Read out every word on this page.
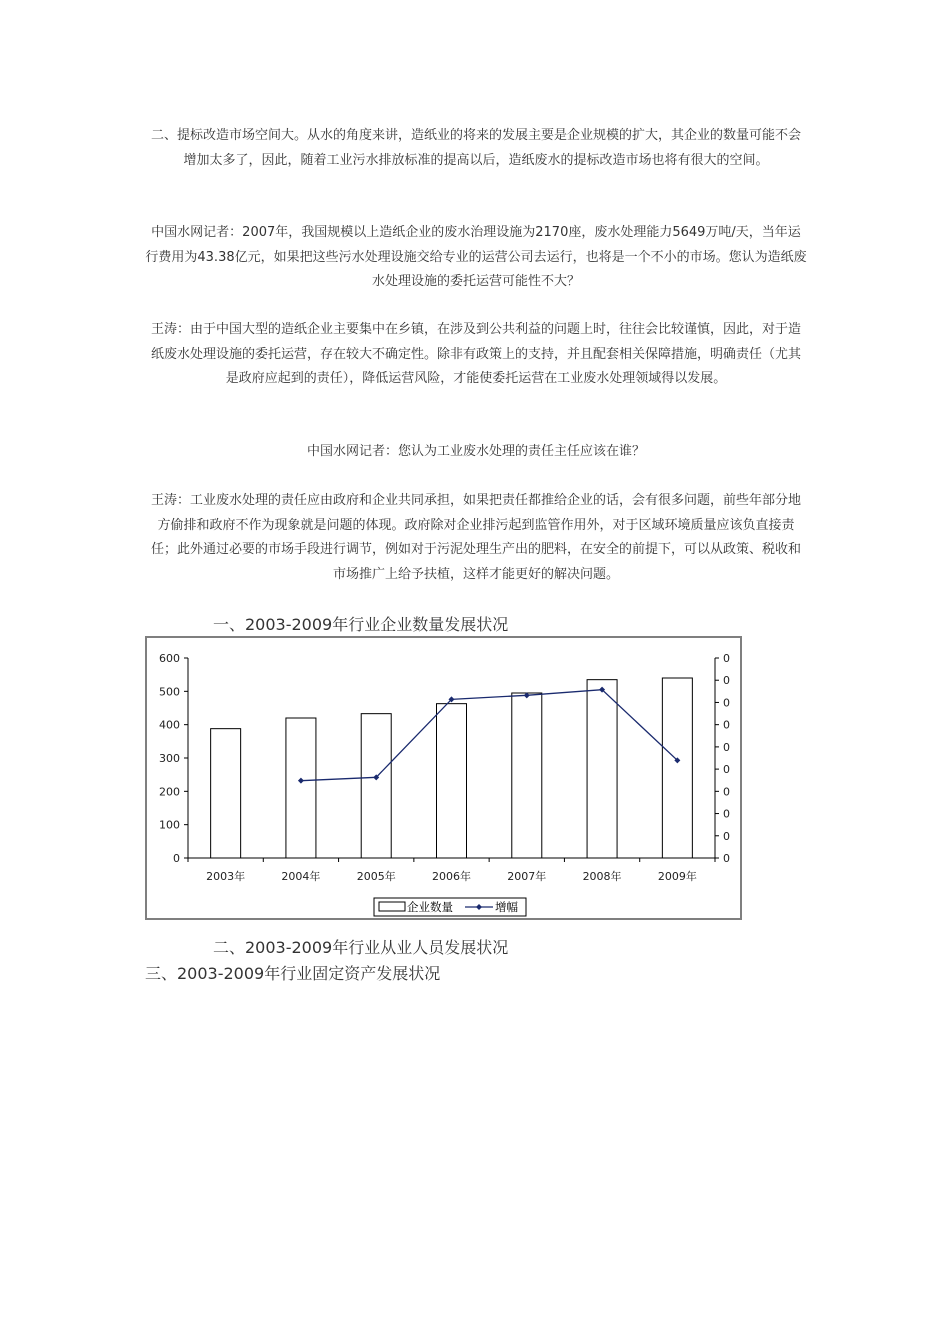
二、提标改造市场空间大。从水的角度来讲，造纸业的将来的发展主要是企业规模的扩大，其企业的数量可能不会增加太多了，因此，随着工业污水排放标准的提高以后，造纸废水的提标改造市场也将有很大的空间。

中国水网记者：2007年，我国规模以上造纸企业的废水治理设施为2170座，废水处理能力5649万吨/天，当年运行费用为43.38亿元，如果把这些污水处理设施交给专业的运营公司去运行，也将是一个不小的市场。您认为造纸废水处理设施的委托运营可能性不大？

王涛：由于中国大型的造纸企业主要集中在乡镇，在涉及到公共利益的问题上时，往往会比较谨慎，因此，对于造纸废水处理设施的委托运营，存在较大不确定性。除非有政策上的支持，并且配套相关保障措施，明确责任（尤其是政府应起到的责任），降低运营风险，才能使委托运营在工业废水处理领域得以发展。

中国水网记者：您认为工业废水处理的责任主任应该在谁？

王涛：工业废水处理的责任应由政府和企业共同承担，如果把责任都推给企业的话，会有很多问题，前些年部分地方偷排和政府不作为现象就是问题的体现。政府除对企业排污起到监管作用外，对于区域环境质量应该负直接责任；此外通过必要的市场手段进行调节，例如对于污泥处理生产出的肥料，在安全的前提下，可以从政策、税收和市场推广上给予扶植，这样才能更好的解决问题。

一、2003-2009年行业企业数量发展状况
0
100
200
300
400
500
600
0
0
0
0
0
0
0
0
0
0
2003年	2004年	2005年	2006年	2007年	2008年	2009年
企业数量	增幅
二、2003-2009年行业从业人员发展状况
三、2003-2009年行业固定资产发展状况
